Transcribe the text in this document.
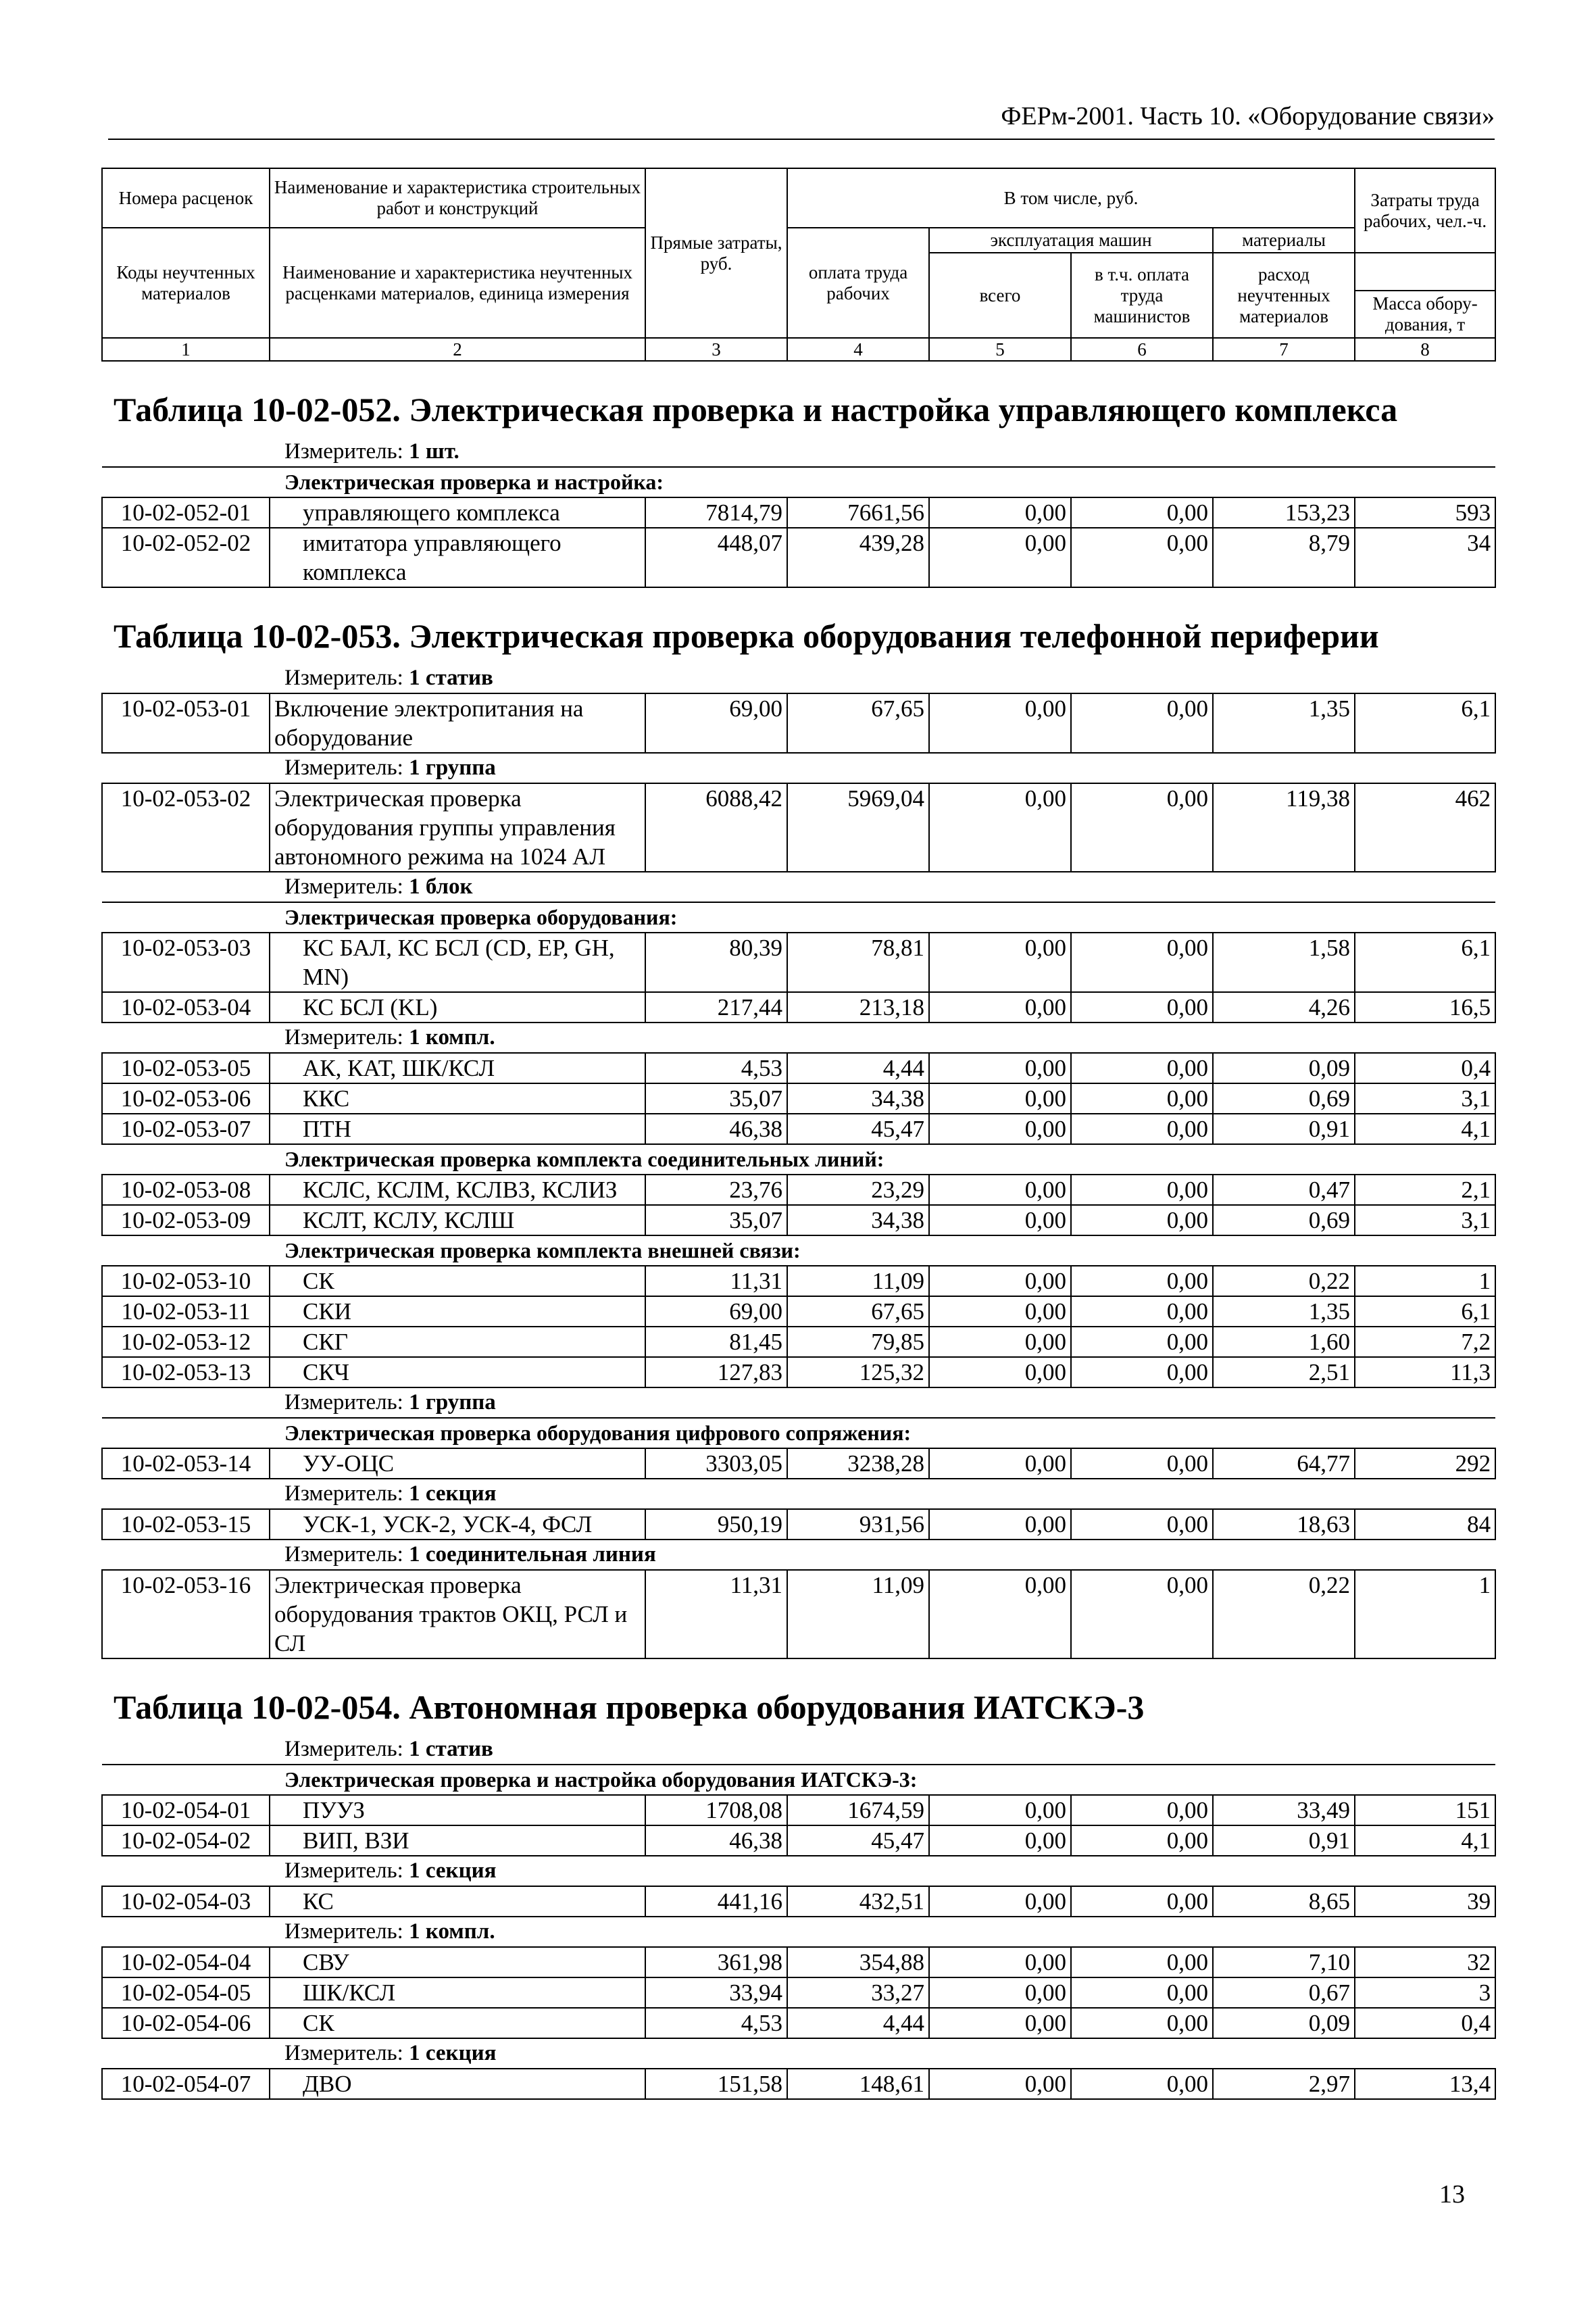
ФЕРм-2001. Часть 10. «Оборудование связи»
Номера расценок	Наименование и характеристика строительных работ и конструкций	Прямые затраты, руб.	В том числе, руб.				Затраты труда рабочих, чел.-ч.
Коды неучтенных материалов	Наименование и характеристика неучтенных расценками материалов, единица измерения		оплата труда рабочих	эксплуатация машин		материалы	
				всего	в т.ч. оплата труда машинистов	расход неучтенных материалов	
							Масса обору-дования, т
1	2	3	4	5	6	7	8
Таблица 10-02-052. Электрическая проверка и настройка управляющего комплекса
Измеритель: 1 шт.							
Электрическая проверка и настройка:							
10-02-052-01	управляющего комплекса	7814,79	7661,56	0,00	0,00	153,23	593
10-02-052-02	имитатора управляющего комплекса	448,07	439,28	0,00	0,00	8,79	34
Таблица 10-02-053. Электрическая проверка оборудования телефонной периферии
Измеритель: 1 статив							
10-02-053-01	Включение электропитания на оборудование	69,00	67,65	0,00	0,00	1,35	6,1
Измеритель: 1 группа							
10-02-053-02	Электрическая проверка оборудования группы управления автономного режима на 1024 АЛ	6088,42	5969,04	0,00	0,00	119,38	462
Измеритель: 1 блок							
Электрическая проверка оборудования:							
10-02-053-03	КС БАЛ, КС БСЛ (CD, EP, GH, MN)	80,39	78,81	0,00	0,00	1,58	6,1
10-02-053-04	КС БСЛ (KL)	217,44	213,18	0,00	0,00	4,26	16,5
Измеритель: 1 компл.							
10-02-053-05	АК, КАТ, ШК/КСЛ	4,53	4,44	0,00	0,00	0,09	0,4
10-02-053-06	ККС	35,07	34,38	0,00	0,00	0,69	3,1
10-02-053-07	ПТН	46,38	45,47	0,00	0,00	0,91	4,1
Электрическая проверка комплекта соединительных линий:							
10-02-053-08	КСЛС, КСЛМ, КСЛВЗ, КСЛИЗ	23,76	23,29	0,00	0,00	0,47	2,1
10-02-053-09	КСЛТ, КСЛУ, КСЛШ	35,07	34,38	0,00	0,00	0,69	3,1
Электрическая проверка комплекта внешней связи:							
10-02-053-10	СК	11,31	11,09	0,00	0,00	0,22	1
10-02-053-11	СКИ	69,00	67,65	0,00	0,00	1,35	6,1
10-02-053-12	СКГ	81,45	79,85	0,00	0,00	1,60	7,2
10-02-053-13	СКЧ	127,83	125,32	0,00	0,00	2,51	11,3
Измеритель: 1 группа							
Электрическая проверка оборудования цифрового сопряжения:							
10-02-053-14	УУ-ОЦС	3303,05	3238,28	0,00	0,00	64,77	292
Измеритель: 1 секция							
10-02-053-15	УСК-1, УСК-2, УСК-4, ФСЛ	950,19	931,56	0,00	0,00	18,63	84
Измеритель: 1 соединительная линия							
10-02-053-16	Электрическая проверка оборудования трактов ОКЦ, РСЛ и СЛ	11,31	11,09	0,00	0,00	0,22	1
Таблица 10-02-054. Автономная проверка оборудования ИАТСКЭ-3
Измеритель: 1 статив							
Электрическая проверка и настройка оборудования ИАТСКЭ-3:							
10-02-054-01	ПУУЗ	1708,08	1674,59	0,00	0,00	33,49	151
10-02-054-02	ВИП, ВЗИ	46,38	45,47	0,00	0,00	0,91	4,1
Измеритель: 1 секция							
10-02-054-03	КС	441,16	432,51	0,00	0,00	8,65	39
Измеритель: 1 компл.							
10-02-054-04	СВУ	361,98	354,88	0,00	0,00	7,10	32
10-02-054-05	ШК/КСЛ	33,94	33,27	0,00	0,00	0,67	3
10-02-054-06	СК	4,53	4,44	0,00	0,00	0,09	0,4
Измеритель: 1 секция							
10-02-054-07	ДВО	151,58	148,61	0,00	0,00	2,97	13,4
13
